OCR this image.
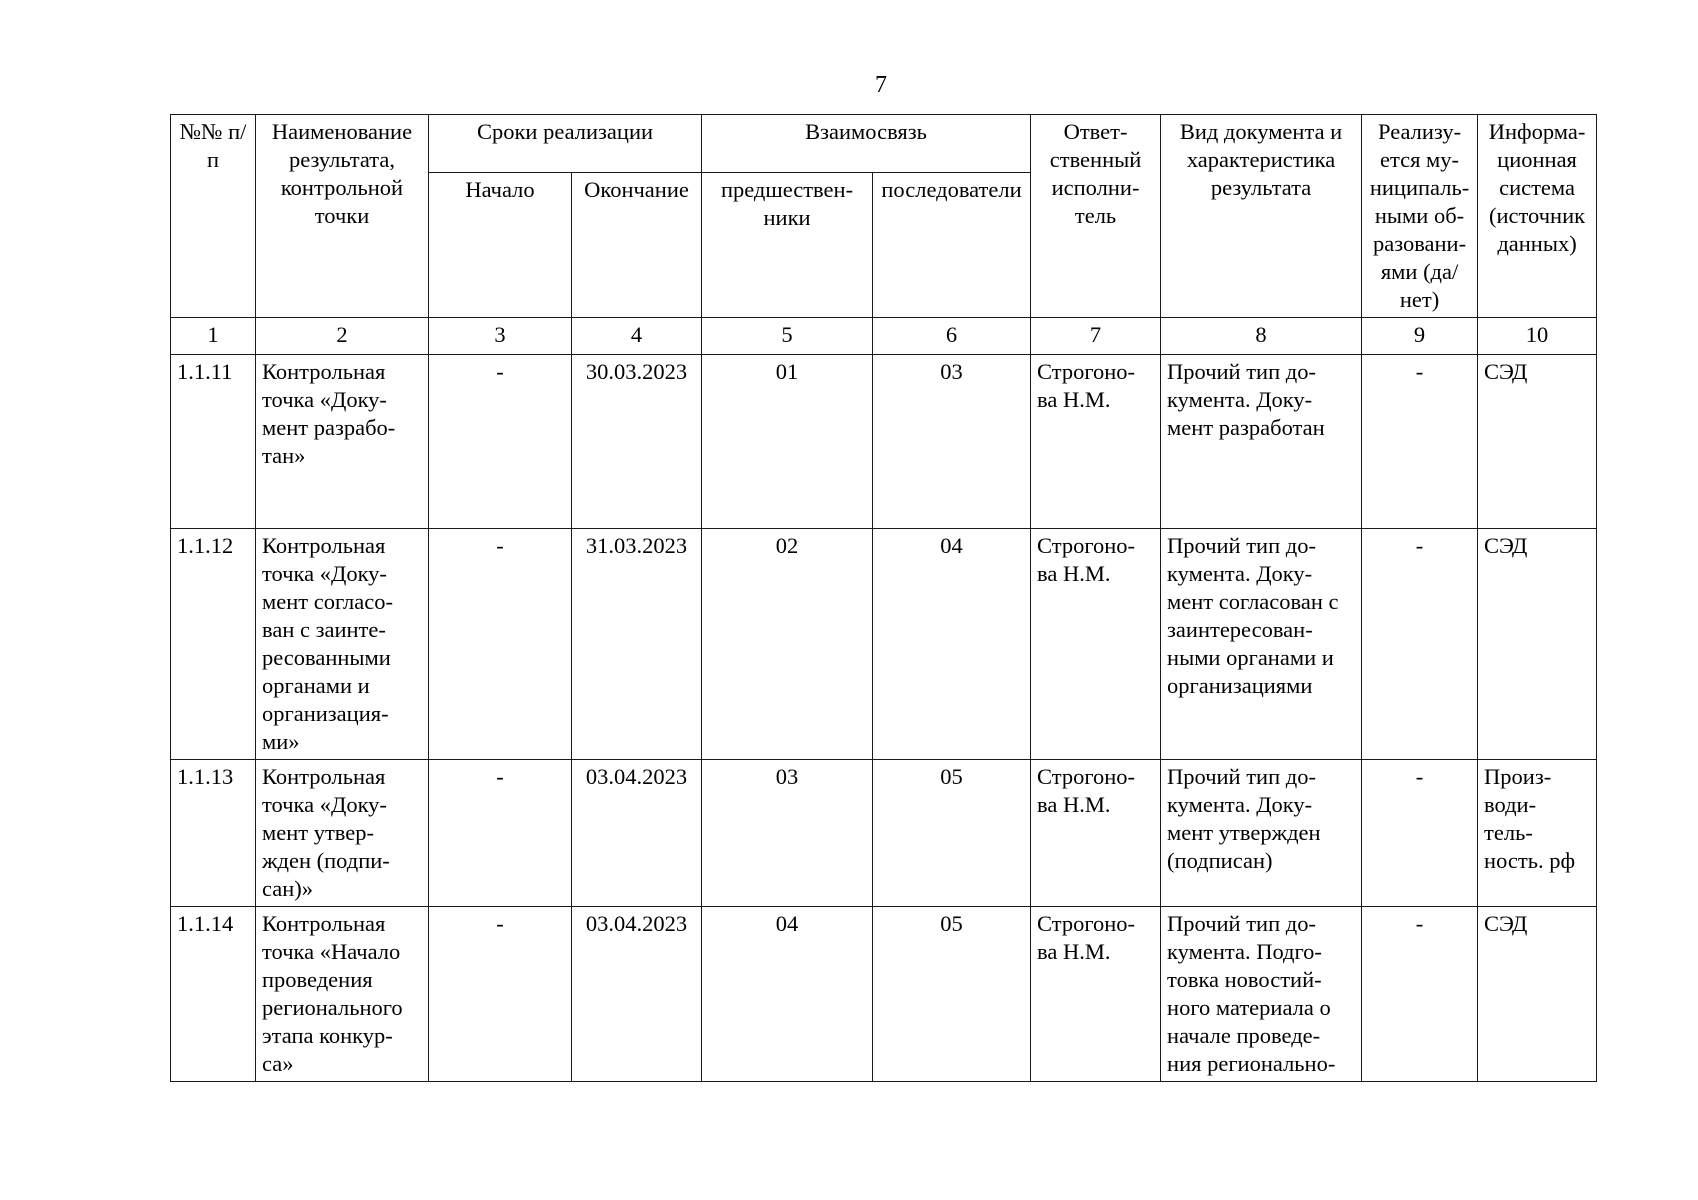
7
№№ п/п	Наименование результата, контрольной точки	Сроки реализации		Взаимосвязь		Ответ- ственный исполни- тель	Вид документа и характеристика результата	Реализу- ется му- ниципаль- ными об- разовани- ями (да/нет)	Информа- ционная система (источник данных)
		Начало	Окончание	предшествен- ники	последователи				
1	2	3	4	5	6	7	8	9	10
1.1.11	Контрольная точка «Доку- мент разрабо- тан»	-	30.03.2023	01	03	Строгоно- ва Н.М.	Прочий тип до- кумента. Доку- мент разработан	-	СЭД
1.1.12	Контрольная точка «Доку- мент согласо- ван с заинте- ресованными органами и организация- ми»	-	31.03.2023	02	04	Строгоно- ва Н.М.	Прочий тип до- кумента. Доку- мент согласован с заинтересован- ными органами и организациями	-	СЭД
1.1.13	Контрольная точка «Доку- мент утвер- жден (подпи- сан)»	-	03.04.2023	03	05	Строгоно- ва Н.М.	Прочий тип до- кумента. Доку- мент утвержден (подписан)	-	Произ- води- тель- ность. рф
1.1.14	Контрольная точка «Начало проведения регионального этапа конкур- са»	-	03.04.2023	04	05	Строгоно- ва Н.М.	Прочий тип до- кумента. Подго- товка новостий- ного материала о начале проведе- ния регионально-	-	СЭД
